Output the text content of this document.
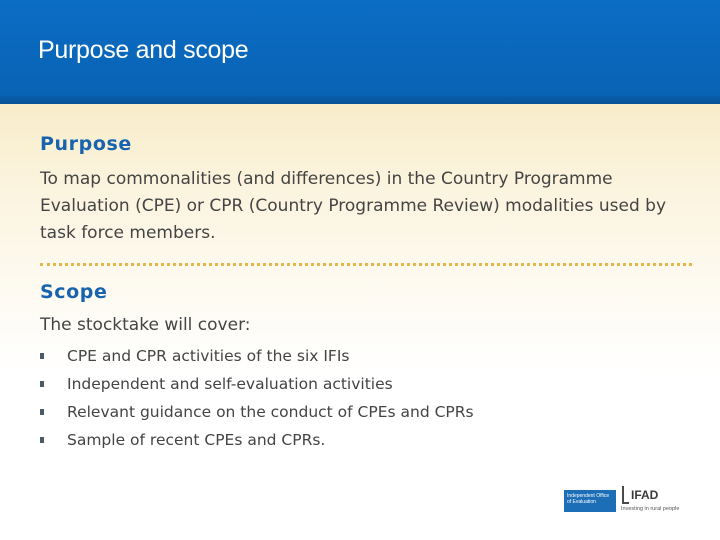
Purpose and scope
Purpose
To map commonalities (and differences) in the Country Programme Evaluation (CPE) or CPR (Country Programme Review) modalities used by task force members.
Scope
The stocktake will cover:
CPE and CPR activities of the six IFIs
Independent and self-evaluation activities
Relevant guidance on the conduct of CPEs and CPRs
Sample of recent CPEs and CPRs.
Independent Office
of Evaluation	IFAD
Investing in rural people
